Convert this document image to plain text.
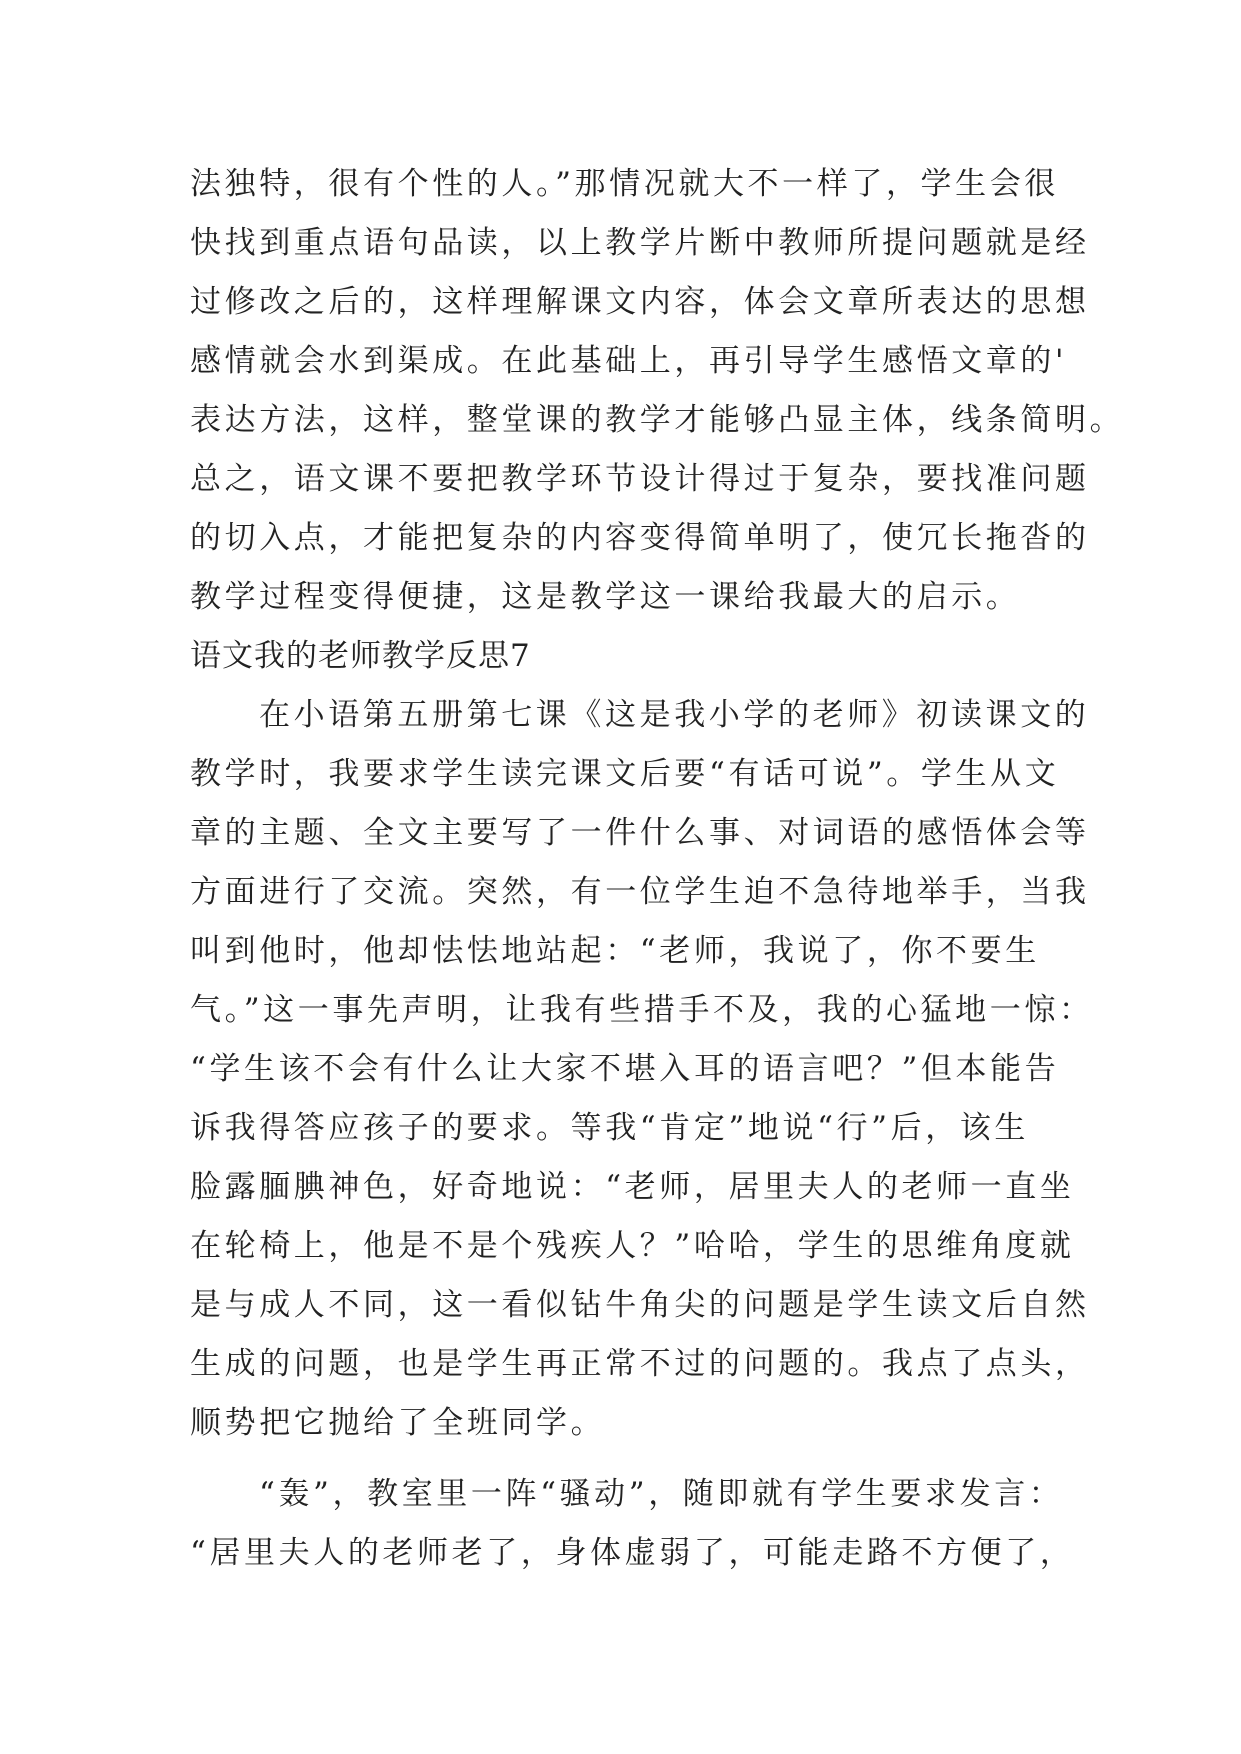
法独特，很有个性的人。”那情况就大不一样了，学生会很
快找到重点语句品读，以上教学片断中教师所提问题就是经
过修改之后的，这样理解课文内容，体会文章所表达的思想
感情就会水到渠成。在此基础上，再引导学生感悟文章的'
表达方法，这样，整堂课的教学才能够凸显主体，线条简明。
总之，语文课不要把教学环节设计得过于复杂，要找准问题
的切入点，才能把复杂的内容变得简单明了，使冗长拖沓的
教学过程变得便捷，这是教学这一课给我最大的启示。
语文我的老师教学反思7
在小语第五册第七课《这是我小学的老师》初读课文的
教学时，我要求学生读完课文后要“有话可说”。学生从文
章的主题、全文主要写了一件什么事、对词语的感悟体会等
方面进行了交流。突然，有一位学生迫不急待地举手，当我
叫到他时，他却怯怯地站起：“老师，我说了，你不要生
气。”这一事先声明，让我有些措手不及，我的心猛地一惊：
“学生该不会有什么让大家不堪入耳的语言吧？”但本能告
诉我得答应孩子的要求。等我“肯定”地说“行”后，该生
脸露腼腆神色，好奇地说：“老师，居里夫人的老师一直坐
在轮椅上，他是不是个残疾人？”哈哈，学生的思维角度就
是与成人不同，这一看似钻牛角尖的问题是学生读文后自然
生成的问题，也是学生再正常不过的问题的。我点了点头，
顺势把它抛给了全班同学。
“轰”，教室里一阵“骚动”，随即就有学生要求发言：
“居里夫人的老师老了，身体虚弱了，可能走路不方便了，
